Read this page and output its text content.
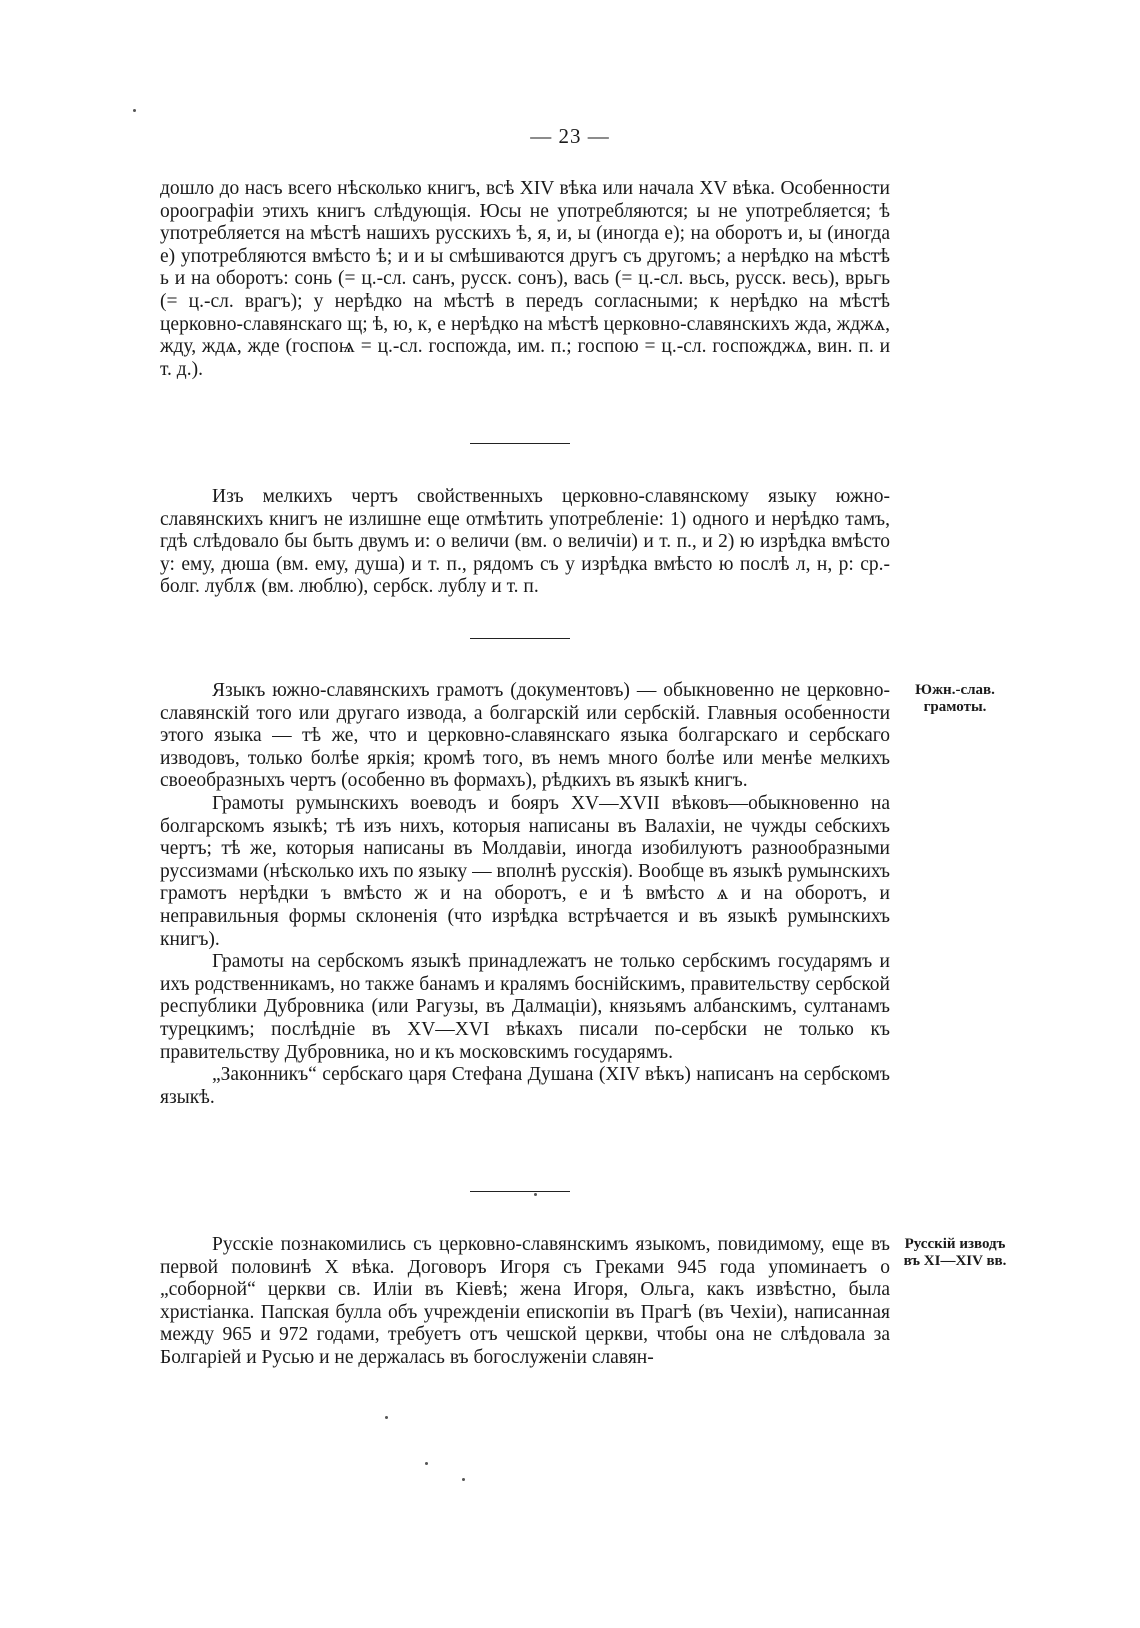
— 23 —

дошло до насъ всего нѣсколько книгъ, всѣ XIV вѣка или начала XV вѣка. Особенности ороографіи этихъ книгъ слѣдующія. Юсы не употребляются; ы не употребляется; ѣ употребляется на мѣстѣ нашихъ русскихъ ѣ, я, и, ы (иногда е); на оборотъ и, ы (иногда е) употребляются вмѣсто ѣ; и и ы смѣшиваются другъ съ другомъ; а нерѣдко на мѣстѣ ь и на оборотъ: сонь (= ц.-сл. санъ, русск. сонъ), вась (= ц.-сл. вьсь, русск. весь), врьгь (= ц.-сл. врагъ); у нерѣдко на мѣстѣ в передъ согласными; к нерѣдко на мѣстѣ церковно-славянскаго щ; ѣ, ю, к, е нерѣдко на мѣстѣ церковно-славянскихъ жда, жджѧ, жду, ждѧ, жде (госпоѩ = ц.-сл. госпожда, им. п.; госпою = ц.-сл. госпожджѧ, вин. п. и т. д.).

Изъ мелкихъ чертъ свойственныхъ церковно-славянскому языку южно-славянскихъ книгъ не излишне еще отмѣтить употребленіе: 1) одного и нерѣдко тамъ, гдѣ слѣдовало бы быть двумъ и: о величи (вм. о величіи) и т. п., и 2) ю изрѣдка вмѣсто у: ему, дюша (вм. ему, душа) и т. п., рядомъ съ у изрѣдка вмѣсто ю послѣ л, н, р: ср.-болг. лублѫ (вм. люблю), сербск. лублу и т. п.

Языкъ южно-славянскихъ грамотъ (документовъ) — обыкновенно не церковно-славянскій того или другаго извода, а болгарскій или сербскій. Главныя особенности этого языка — тѣ же, что и церковно-славянскаго языка болгарскаго и сербскаго изводовъ, только болѣе яркія; кромѣ того, въ немъ много болѣе или менѣе мелкихъ своеобразныхъ чертъ (особенно въ формахъ), рѣдкихъ въ языкѣ книгъ.

Грамоты румынскихъ воеводъ и бояръ XV—XVII вѣковъ—обыкновенно на болгарскомъ языкѣ; тѣ изъ нихъ, которыя написаны въ Валахіи, не чужды себскихъ чертъ; тѣ же, которыя написаны въ Молдавіи, иногда изобилуютъ разнообразными руссизмами (нѣсколько ихъ по языку — вполнѣ русскія). Вообще въ языкѣ румынскихъ грамотъ нерѣдки ъ вмѣсто ж и на оборотъ, е и ѣ вмѣсто ѧ и на оборотъ, и неправильныя формы склоненія (что изрѣдка встрѣчается и въ языкѣ румынскихъ книгъ).

Грамоты на сербскомъ языкѣ принадлежатъ не только сербскимъ государямъ и ихъ родственникамъ, но также банамъ и кралямъ боснійскимъ, правительству сербской республики Дубровника (или Рагузы, въ Далмаціи), князьямъ албанскимъ, султанамъ турецкимъ; послѣдніе въ XV—XVI вѣкахъ писали по-сербски не только къ правительству Дубровника, но и къ московскимъ государямъ.

„Законникъ“ сербскаго царя Стефана Душана (XIV вѣкъ) написанъ на сербскомъ языкѣ.

Южн.-слав. грамоты.

Русскіе познакомились съ церковно-славянскимъ языкомъ, повидимому, еще въ первой половинѣ X вѣка. Договоръ Игоря съ Греками 945 года упоминаетъ о „соборной“ церкви св. Иліи въ Кіевѣ; жена Игоря, Ольга, какъ извѣстно, была христіанка. Папская булла объ учрежденіи епископіи въ Прагѣ (въ Чехіи), написанная между 965 и 972 годами, требуетъ отъ чешской церкви, чтобы она не слѣдовала за Болгаріей и Русью и не держалась въ богослуженіи славян-

Русскій изводъ въ XI—XIV вв.
